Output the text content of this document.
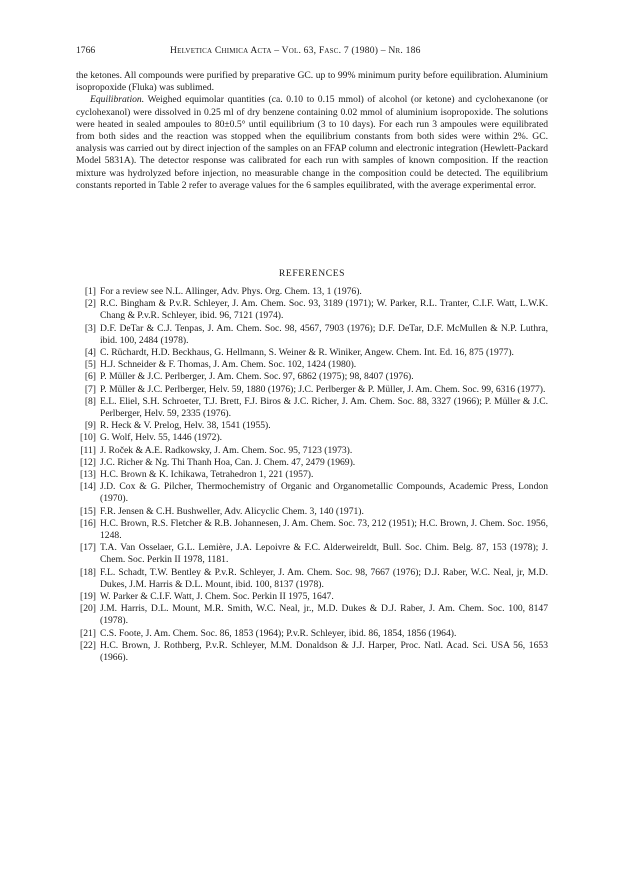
1766	Helvetica Chimica Acta – Vol. 63, Fasc. 7 (1980) – Nr. 186

the ketones. All compounds were purified by preparative GC. up to 99% minimum purity before equilibration. Aluminium isopropoxide (Fluka) was sublimed.

Equilibration. Weighed equimolar quantities (ca. 0.10 to 0.15 mmol) of alcohol (or ketone) and cyclohexanone (or cyclohexanol) were dissolved in 0.25 ml of dry benzene containing 0.02 mmol of aluminium isopropoxide. The solutions were heated in sealed ampoules to 80±0.5° until equilibrium (3 to 10 days). For each run 3 ampoules were equilibrated from both sides and the reaction was stopped when the equilibrium constants from both sides were within 2%. GC. analysis was carried out by direct injection of the samples on an FFAP column and electronic integration (Hewlett-Packard Model 5831A). The detector response was calibrated for each run with samples of known composition. If the reaction mixture was hydrolyzed before injection, no measurable change in the composition could be detected. The equilibrium constants reported in Table 2 refer to average values for the 6 samples equilibrated, with the average experimental error.

REFERENCES
[1] For a review see N.L. Allinger, Adv. Phys. Org. Chem. 13, 1 (1976).
[2] R.C. Bingham & P.v.R. Schleyer, J. Am. Chem. Soc. 93, 3189 (1971); W. Parker, R.L. Tranter, C.I.F. Watt, L.W.K. Chang & P.v.R. Schleyer, ibid. 96, 7121 (1974).
[3] D.F. DeTar & C.J. Tenpas, J. Am. Chem. Soc. 98, 4567, 7903 (1976); D.F. DeTar, D.F. McMullen & N.P. Luthra, ibid. 100, 2484 (1978).
[4] C. Rüchardt, H.D. Beckhaus, G. Hellmann, S. Weiner & R. Winiker, Angew. Chem. Int. Ed. 16, 875 (1977).
[5] H.J. Schneider & F. Thomas, J. Am. Chem. Soc. 102, 1424 (1980).
[6] P. Müller & J.C. Perlberger, J. Am. Chem. Soc. 97, 6862 (1975); 98, 8407 (1976).
[7] P. Müller & J.C. Perlberger, Helv. 59, 1880 (1976); J.C. Perlberger & P. Müller, J. Am. Chem. Soc. 99, 6316 (1977).
[8] E.L. Eliel, S.H. Schroeter, T.J. Brett, F.J. Biros & J.C. Richer, J. Am. Chem. Soc. 88, 3327 (1966); P. Müller & J.C. Perlberger, Helv. 59, 2335 (1976).
[9] R. Heck & V. Prelog, Helv. 38, 1541 (1955).
[10] G. Wolf, Helv. 55, 1446 (1972).
[11] J. Roček & A.E. Radkowsky, J. Am. Chem. Soc. 95, 7123 (1973).
[12] J.C. Richer & Ng. Thi Thanh Hoa, Can. J. Chem. 47, 2479 (1969).
[13] H.C. Brown & K. Ichikawa, Tetrahedron 1, 221 (1957).
[14] J.D. Cox & G. Pilcher, Thermochemistry of Organic and Organometallic Compounds, Academic Press, London (1970).
[15] F.R. Jensen & C.H. Bushweller, Adv. Alicyclic Chem. 3, 140 (1971).
[16] H.C. Brown, R.S. Fletcher & R.B. Johannesen, J. Am. Chem. Soc. 73, 212 (1951); H.C. Brown, J. Chem. Soc. 1956, 1248.
[17] T.A. Van Osselaer, G.L. Lemière, J.A. Lepoivre & F.C. Alderweireldt, Bull. Soc. Chim. Belg. 87, 153 (1978); J. Chem. Soc. Perkin II 1978, 1181.
[18] F.L. Schadt, T.W. Bentley & P.v.R. Schleyer, J. Am. Chem. Soc. 98, 7667 (1976); D.J. Raber, W.C. Neal, jr, M.D. Dukes, J.M. Harris & D.L. Mount, ibid. 100, 8137 (1978).
[19] W. Parker & C.I.F. Watt, J. Chem. Soc. Perkin II 1975, 1647.
[20] J.M. Harris, D.L. Mount, M.R. Smith, W.C. Neal, jr., M.D. Dukes & D.J. Raber, J. Am. Chem. Soc. 100, 8147 (1978).
[21] C.S. Foote, J. Am. Chem. Soc. 86, 1853 (1964); P.v.R. Schleyer, ibid. 86, 1854, 1856 (1964).
[22] H.C. Brown, J. Rothberg, P.v.R. Schleyer, M.M. Donaldson & J.J. Harper, Proc. Natl. Acad. Sci. USA 56, 1653 (1966).
